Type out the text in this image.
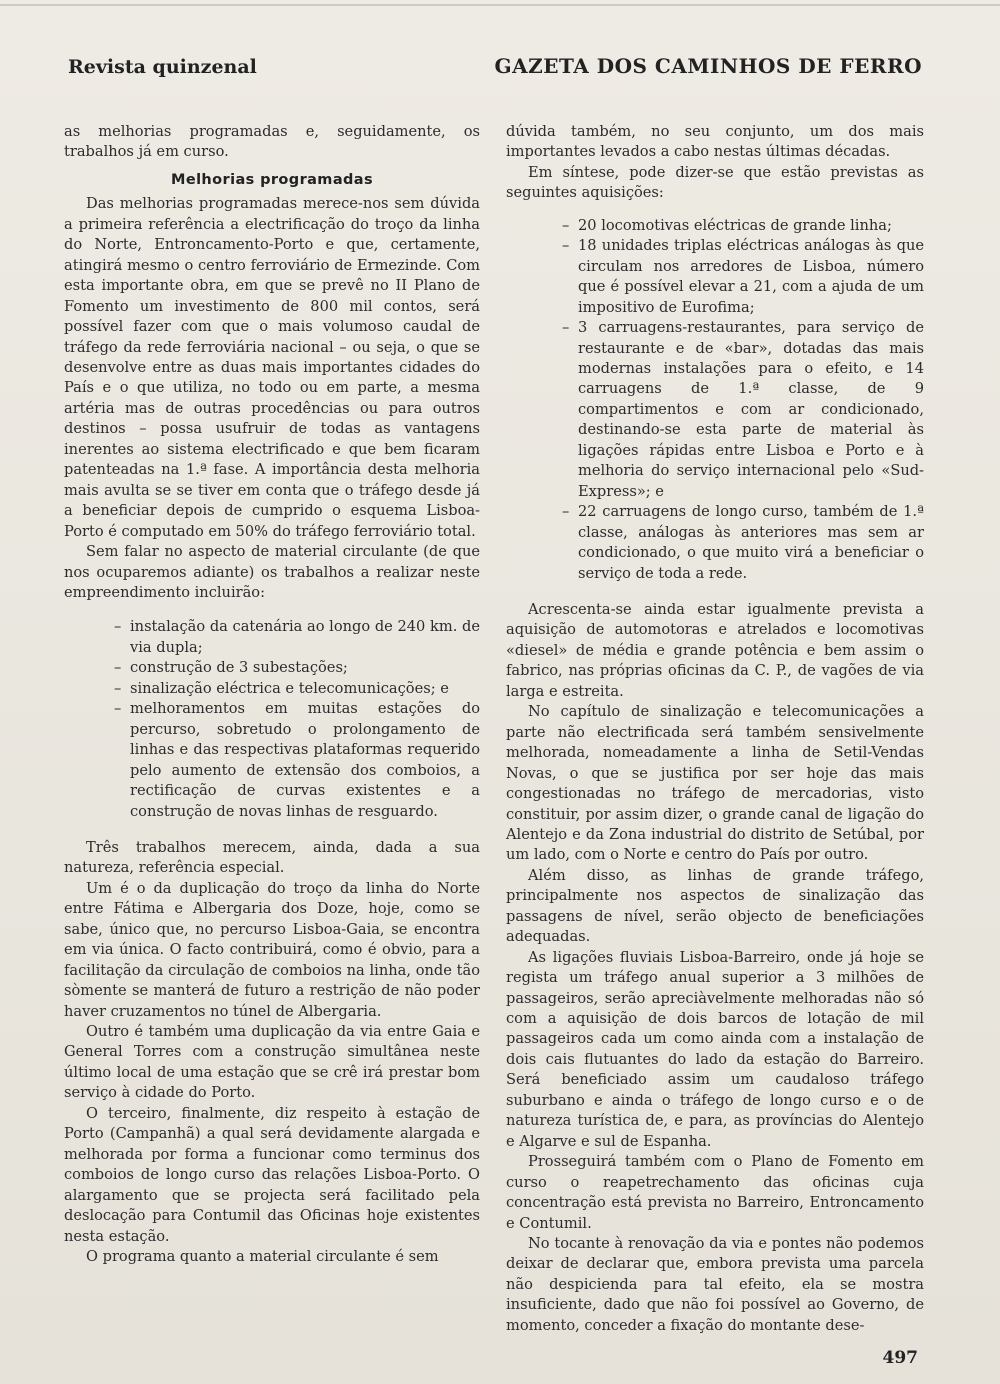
Revista quinzenal	GAZETA DOS CAMINHOS DE FERRO

as melhorias programadas e, seguidamente, os trabalhos já em curso.

Melhorias programadas

Das melhorias programadas merece-nos sem dúvida a primeira referência a electrificação do troço da linha do Norte, Entroncamento-Porto e que, certamente, atingirá mesmo o centro ferroviário de Ermezinde. Com esta importante obra, em que se prevê no II Plano de Fomento um investimento de 800 mil contos, será possível fazer com que o mais volumoso caudal de tráfego da rede ferroviária nacional – ou seja, o que se desenvolve entre as duas mais importantes cidades do País e o que utiliza, no todo ou em parte, a mesma artéria mas de outras procedências ou para outros destinos – possa usufruir de todas as vantagens inerentes ao sistema electrificado e que bem ficaram patenteadas na 1.ª fase. A importância desta melhoria mais avulta se se tiver em conta que o tráfego desde já a beneficiar depois de cumprido o esquema Lisboa-Porto é computado em 50% do tráfego ferroviário total.

Sem falar no aspecto de material circulante (de que nos ocuparemos adiante) os trabalhos a realizar neste empreendimento incluirão:

– instalação da catenária ao longo de 240 km. de via dupla;
– construção de 3 subestações;
– sinalização eléctrica e telecomunicações; e
– melhoramentos em muitas estações do percurso, sobretudo o prolongamento de linhas e das respectivas plataformas requerido pelo aumento de extensão dos comboios, a rectificação de curvas existentes e a construção de novas linhas de resguardo.

Três trabalhos merecem, ainda, dada a sua natureza, referência especial.

Um é o da duplicação do troço da linha do Norte entre Fátima e Albergaria dos Doze, hoje, como se sabe, único que, no percurso Lisboa-Gaia, se encontra em via única. O facto contribuirá, como é obvio, para a facilitação da circulação de comboios na linha, onde tão sòmente se manterá de futuro a restrição de não poder haver cruzamentos no túnel de Albergaria.

Outro é também uma duplicação da via entre Gaia e General Torres com a construção simultânea neste último local de uma estação que se crê irá prestar bom serviço à cidade do Porto.

O terceiro, finalmente, diz respeito à estação de Porto (Campanhã) a qual será devidamente alargada e melhorada por forma a funcionar como terminus dos comboios de longo curso das relações Lisboa-Porto. O alargamento que se projecta será facilitado pela deslocação para Contumil das Oficinas hoje existentes nesta estação.

O programa quanto a material circulante é sem

dúvida também, no seu conjunto, um dos mais importantes levados a cabo nestas últimas décadas.

Em síntese, pode dizer-se que estão previstas as seguintes aquisições:

– 20 locomotivas eléctricas de grande linha;
– 18 unidades triplas eléctricas análogas às que circulam nos arredores de Lisboa, número que é possível elevar a 21, com a ajuda de um impositivo de Eurofima;
– 3 carruagens-restaurantes, para serviço de restaurante e de «bar», dotadas das mais modernas instalações para o efeito, e 14 carruagens de 1.ª classe, de 9 compartimentos e com ar condicionado, destinando-se esta parte de material às ligações rápidas entre Lisboa e Porto e à melhoria do serviço internacional pelo «Sud-Express»; e
– 22 carruagens de longo curso, também de 1.ª classe, análogas às anteriores mas sem ar condicionado, o que muito virá a beneficiar o serviço de toda a rede.

Acrescenta-se ainda estar igualmente prevista a aquisição de automotoras e atrelados e locomotivas «diesel» de média e grande potência e bem assim o fabrico, nas próprias oficinas da C. P., de vagões de via larga e estreita.

No capítulo de sinalização e telecomunicações a parte não electrificada será também sensivelmente melhorada, nomeadamente a linha de Setil-Vendas Novas, o que se justifica por ser hoje das mais congestionadas no tráfego de mercadorias, visto constituir, por assim dizer, o grande canal de ligação do Alentejo e da Zona industrial do distrito de Setúbal, por um lado, com o Norte e centro do País por outro.

Além disso, as linhas de grande tráfego, principalmente nos aspectos de sinalização das passagens de nível, serão objecto de beneficiações adequadas.

As ligações fluviais Lisboa-Barreiro, onde já hoje se regista um tráfego anual superior a 3 milhões de passageiros, serão apreciàvelmente melhoradas não só com a aquisição de dois barcos de lotação de mil passageiros cada um como ainda com a instalação de dois cais flutuantes do lado da estação do Barreiro. Será beneficiado assim um caudaloso tráfego suburbano e ainda o tráfego de longo curso e o de natureza turística de, e para, as províncias do Alentejo e Algarve e sul de Espanha.

Prosseguirá também com o Plano de Fomento em curso o reapetrechamento das oficinas cuja concentração está prevista no Barreiro, Entroncamento e Contumil.

No tocante à renovação da via e pontes não podemos deixar de declarar que, embora prevista uma parcela não despicienda para tal efeito, ela se mostra insuficiente, dado que não foi possível ao Governo, de momento, conceder a fixação do montante dese-

497
